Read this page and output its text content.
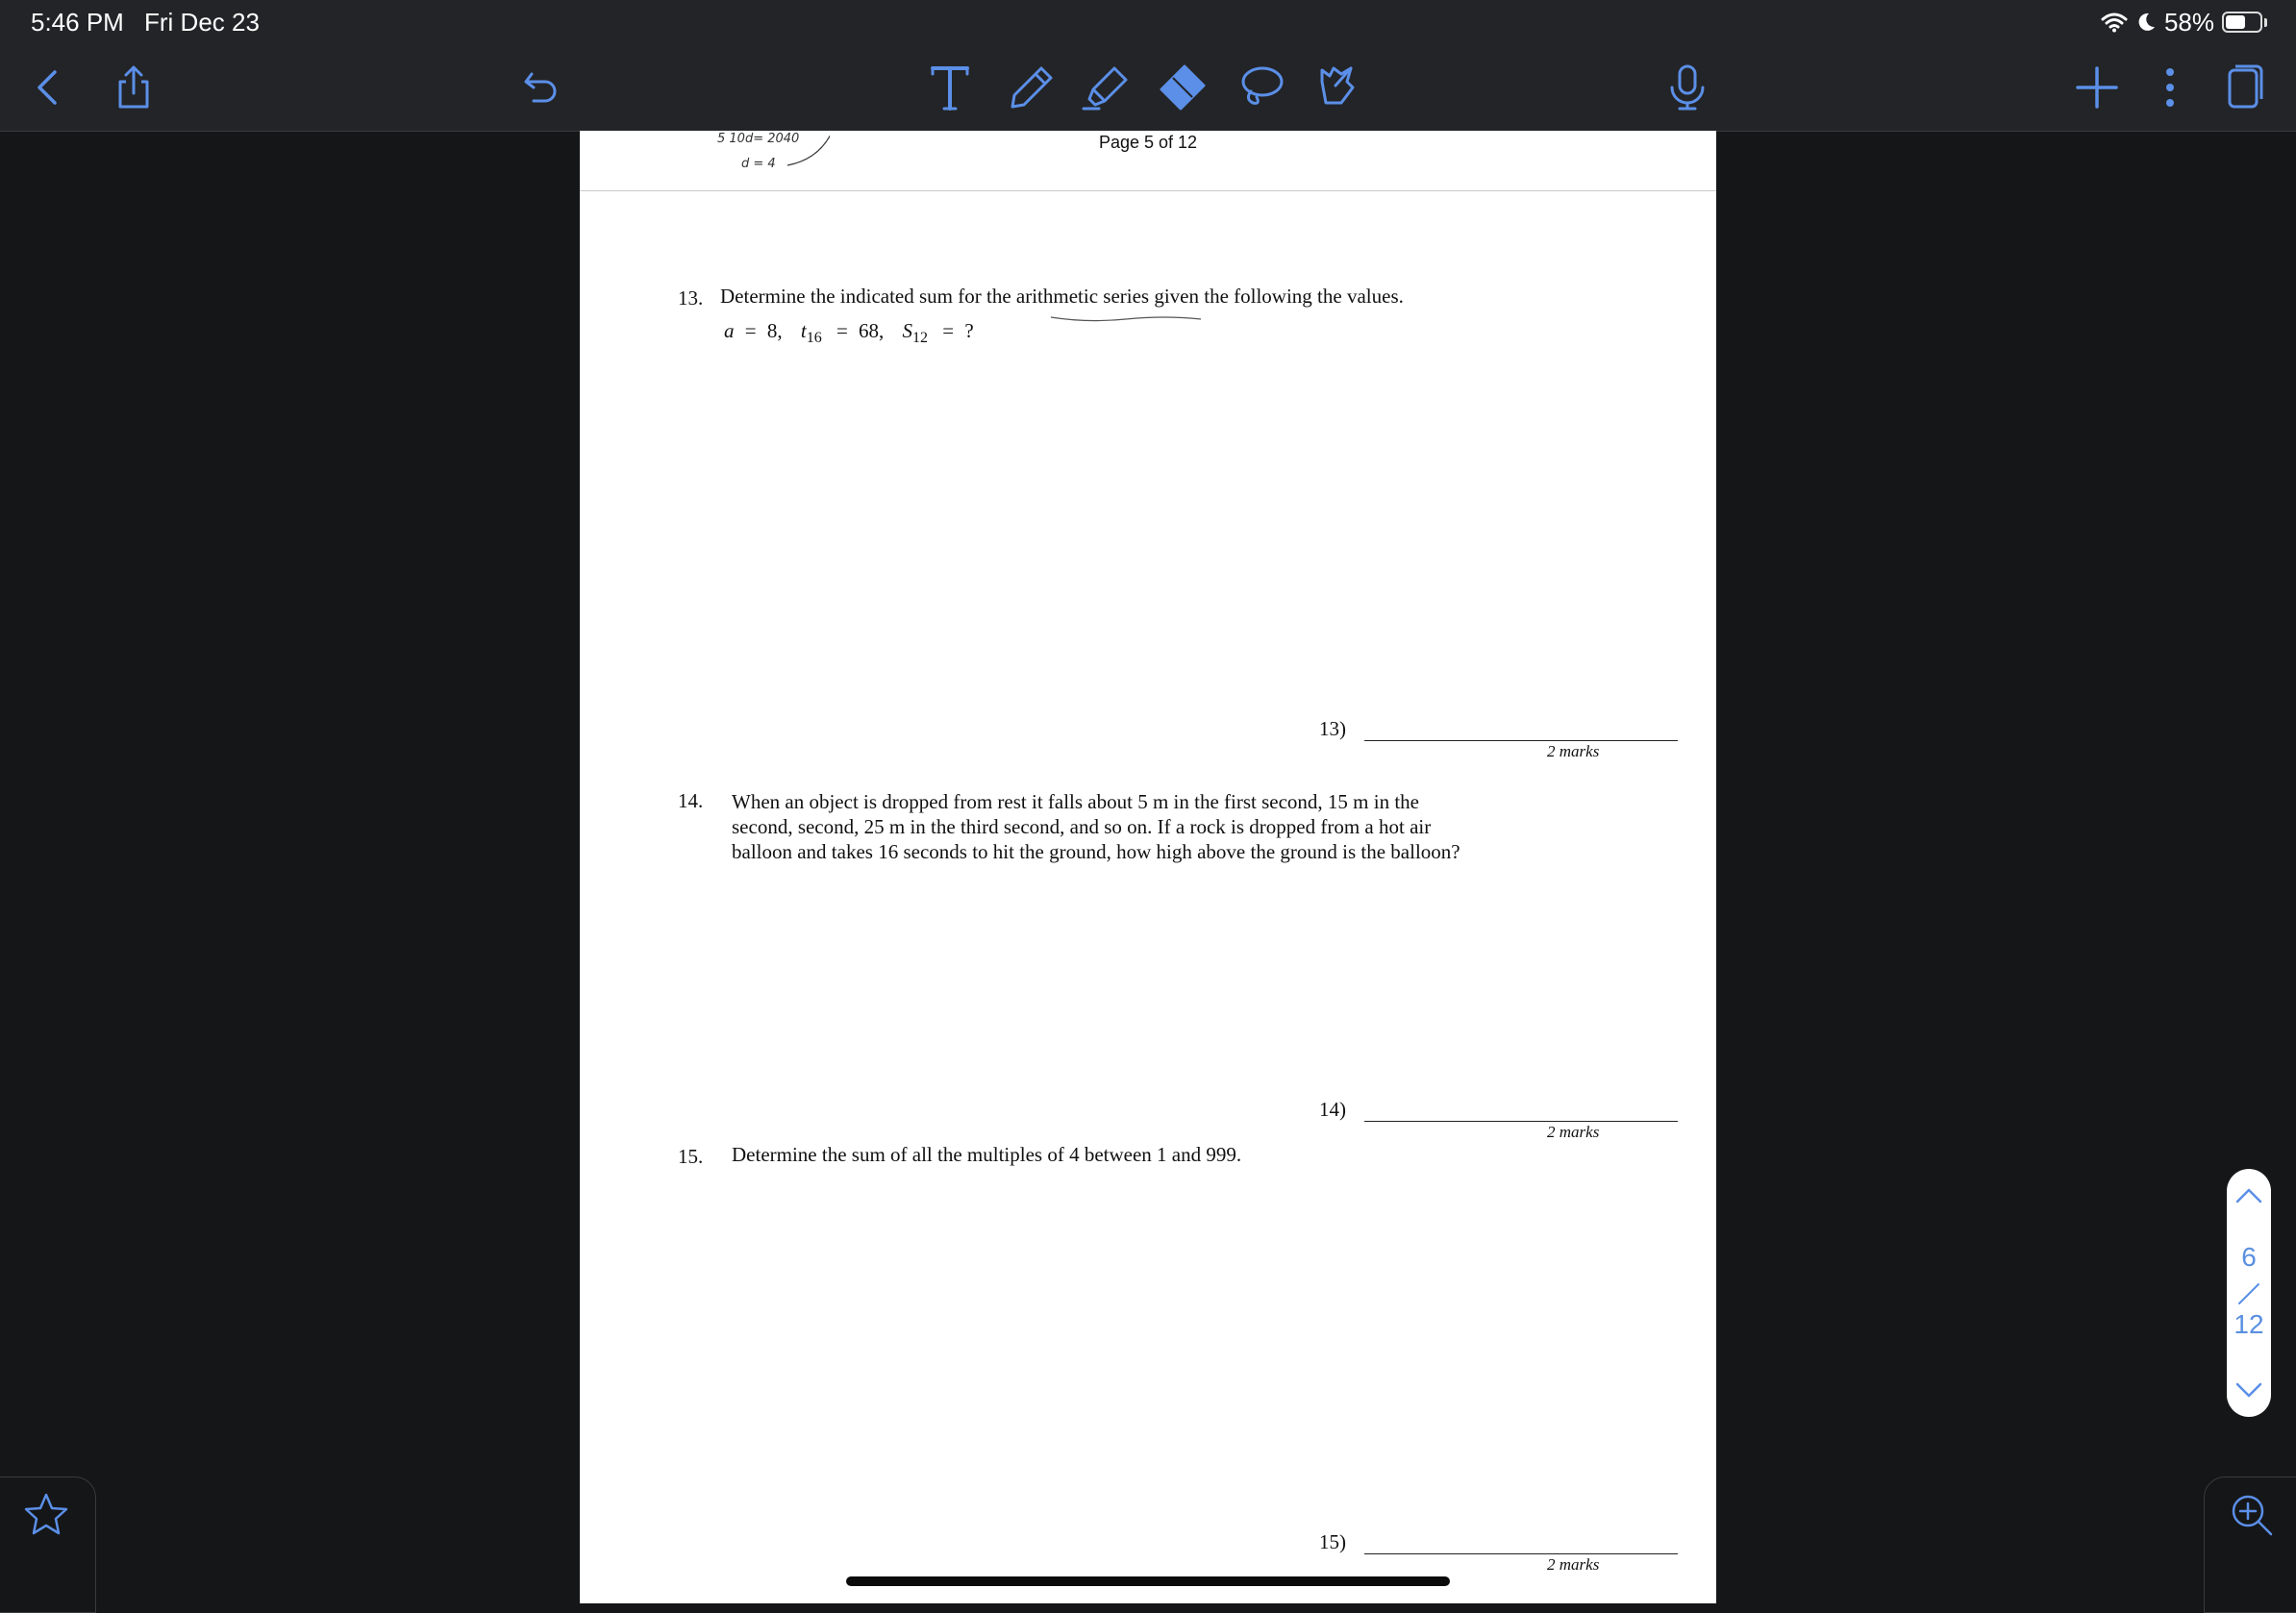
5:46 PM Fri Dec 23	58%
5 10d= 2040
d = 4
Page 5 of 12
13. Determine the indicated sum for the arithmetic series given the following the values.
a = 8, $t_{16} = 68$, $S_{12}$ = ?
13)
2 marks
14. When an object is dropped from rest it falls about 5 m in the first second, 15 m in the
second, second, 25 m in the third second, and so on. If a rock is dropped from a hot air
balloon and takes 16 seconds to hit the ground, how high above the ground is the balloon?
14)
2 marks
15. Determine the sum of all the multiples of 4 between 1 and 999.
15)
2 marks
6
12
